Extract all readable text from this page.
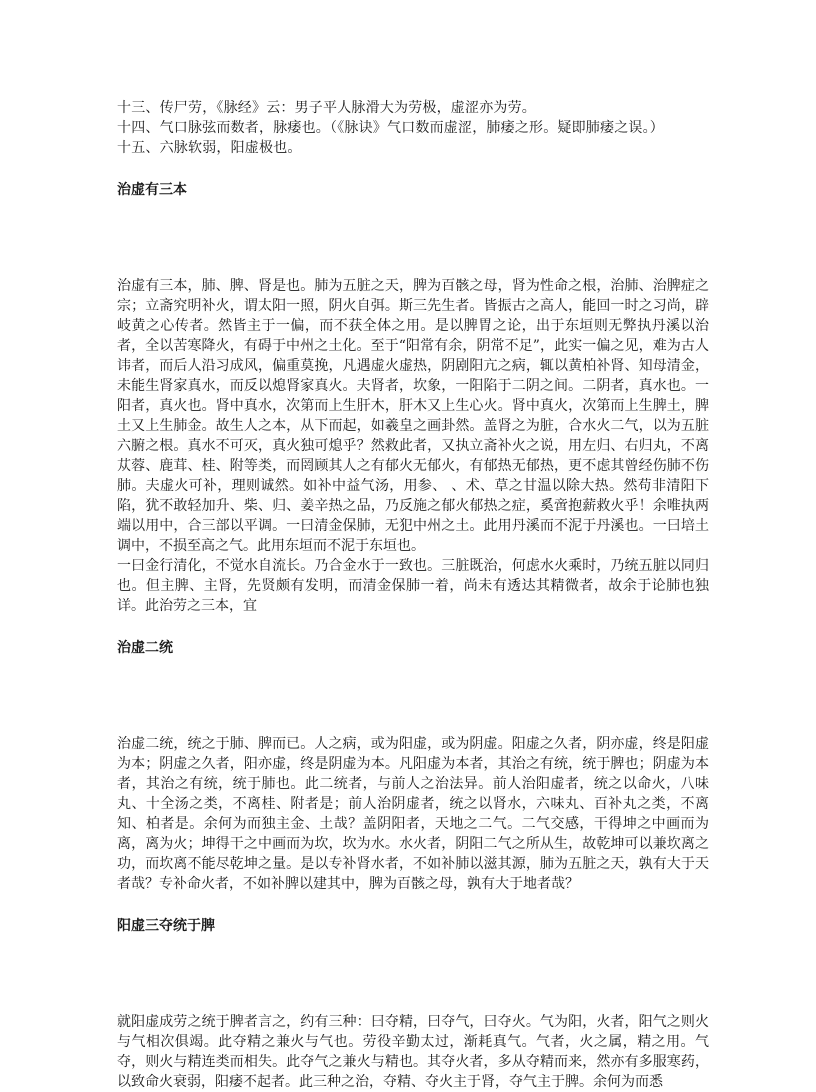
十三、传尸劳，《脉经》云：男子平人脉滑大为劳极，虚涩亦为劳。
十四、气口脉弦而数者，脉痿也。（《脉诀》气口数而虚涩，肺痿之形。疑即肺痿之误。）
十五、六脉软弱，阳虚极也。
治虚有三本

治虚有三本，肺、脾、肾是也。肺为五脏之天，脾为百骸之母，肾为性命之根，治肺、治脾症之宗；立斋究明补火，谓太阳一照，阴火自弭。斯三先生者。皆振古之高人，能回一时之习尚，辟岐黄之心传者。然皆主于一偏，而不获全体之用。是以脾胃之论，出于东垣则无弊执丹溪以治者，全以苦寒降火，有碍于中州之土化。至于“阳常有余，阴常不足”，此实一偏之见，难为古人讳者，而后人沿习成风，偏重莫挽，凡遇虚火虚热，阴剧阳亢之病，辄以黄柏补肾、知母清金，未能生肾家真水，而反以熄肾家真火。夫肾者，坎象，一阳陷于二阴之间。二阴者，真水也。一阳者，真火也。肾中真水，次第而上生肝木，肝木又上生心火。肾中真火，次第而上生脾土，脾土又上生肺金。故生人之本，从下而起，如羲皇之画卦然。盖肾之为脏，合水火二气，以为五脏六腑之根。真水不可灭，真火独可熄乎？然救此者，又执立斋补火之说，用左归、右归丸，不离苁蓉、鹿茸、桂、附等类，而罔顾其人之有郁火无郁火，有郁热无郁热，更不虑其曾经伤肺不伤肺。夫虚火可补，理则诚然。如补中益气汤，用参、 、术、草之甘温以除大热。然苟非清阳下陷，犹不敢轻加升、柴、归、姜辛热之品，乃反施之郁火郁热之症，奚啻抱薪救火乎！余唯执两端以用中，合三部以平调。一曰清金保肺，无犯中州之土。此用丹溪而不泥于丹溪也。一曰培土调中，不损至高之气。此用东垣而不泥于东垣也。

一曰金行清化，不觉水自流长。乃合金水于一致也。三脏既治，何虑水火乘时，乃统五脏以同归也。但主脾、主肾，先贤颇有发明，而清金保肺一着，尚未有透达其精微者，故余于论肺也独详。此治劳之三本，宜

治虚二统

治虚二统，统之于肺、脾而已。人之病，或为阳虚，或为阴虚。阳虚之久者，阴亦虚，终是阳虚为本；阴虚之久者，阳亦虚，终是阴虚为本。凡阳虚为本者，其治之有统，统于脾也；阴虚为本者，其治之有统，统于肺也。此二统者，与前人之治法异。前人治阳虚者，统之以命火，八味丸、十全汤之类，不离桂、附者是；前人治阴虚者，统之以肾水，六味丸、百补丸之类，不离知、柏者是。余何为而独主金、土哉？盖阴阳者，天地之二气。二气交感，干得坤之中画而为离，离为火；坤得干之中画而为坎，坎为水。水火者，阴阳二气之所从生，故乾坤可以兼坎离之功，而坎离不能尽乾坤之量。是以专补肾水者，不如补肺以滋其源，肺为五脏之天，孰有大于天者哉？专补命火者，不如补脾以建其中，脾为百骸之母，孰有大于地者哉？

阳虚三夺统于脾

就阳虚成劳之统于脾者言之，约有三种：曰夺精，曰夺气，曰夺火。气为阳，火者，阳气之则火与气相次俱竭。此夺精之兼火与气也。劳役辛勤太过，渐耗真气。气者，火之属，精之用。气夺，则火与精连类而相失。此夺气之兼火与精也。其夺火者，多从夺精而来，然亦有多服寒药，以致命火衰弱，阳痿不起者。此三种之治，夺精、夺火主于肾，夺气主于脾。余何为而悉
